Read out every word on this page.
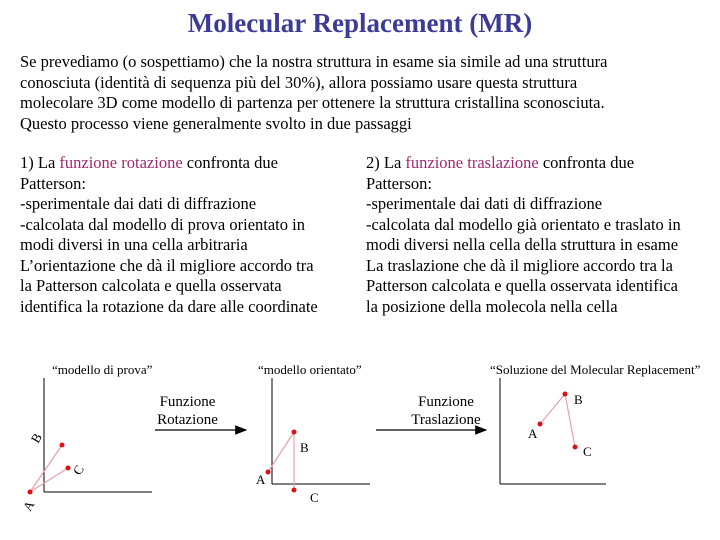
Molecular Replacement (MR)
Se prevediamo (o sospettiamo) che la nostra struttura in esame sia simile ad una struttura
conosciuta (identità di sequenza più del 30%), allora possiamo usare questa struttura
molecolare 3D come modello di partenza per ottenere la struttura cristallina sconosciuta.
Questo processo viene generalmente svolto in due passaggi
1) La funzione rotazione confronta due
Patterson:
-sperimentale dai dati di diffrazione
-calcolata dal modello di prova orientato in
modi diversi in una cella arbitraria
L’orientazione che dà il migliore accordo tra
la Patterson calcolata e quella osservata
identifica la rotazione da dare alle coordinate
2) La funzione traslazione confronta due
Patterson:
-sperimentale dai dati di diffrazione
-calcolata dal modello già orientato e traslato in
modi diversi nella cella della struttura in esame
La traslazione che dà il migliore accordo tra la
Patterson calcolata e quella osservata identifica
la posizione della molecola nella cella
“modello di prova”	“modello orientato”	“Soluzione del Molecular Replacement”
Funzione
Rotazione
Funzione
Traslazione
A
B
C
A
B
C
A
B
C
